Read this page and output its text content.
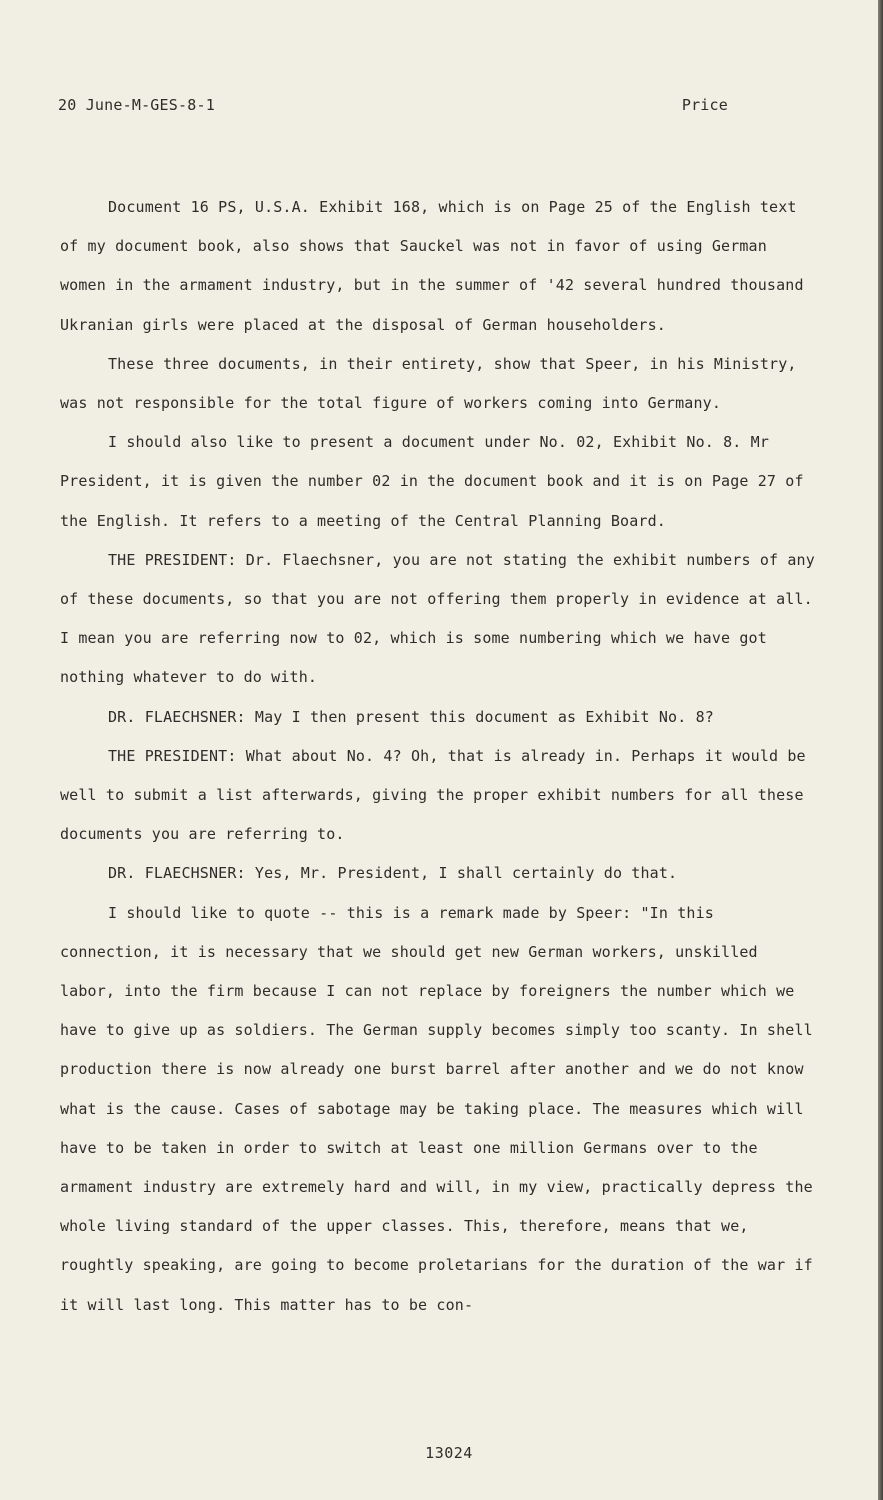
20 June-M-GES-8-1	Price

Document 16 PS, U.S.A. Exhibit 168, which is on Page 25 of the English text of my document book, also shows that Sauckel was not in favor of using German women in the armament industry, but in the summer of '42 several hundred thousand Ukranian girls were placed at the disposal of German householders.

These three documents, in their entirety, show that Speer, in his Ministry, was not responsible for the total figure of workers coming into Germany.

I should also like to present a document under No. 02, Exhibit No. 8. Mr President, it is given the number 02 in the document book and it is on Page 27 of the English. It refers to a meeting of the Central Planning Board.

THE PRESIDENT: Dr. Flaechsner, you are not stating the exhibit numbers of any of these documents, so that you are not offering them properly in evidence at all. I mean you are referring now to 02, which is some numbering which we have got nothing whatever to do with.

DR. FLAECHSNER: May I then present this document as Exhibit No. 8?

THE PRESIDENT: What about No. 4? Oh, that is already in. Perhaps it would be well to submit a list afterwards, giving the proper exhibit numbers for all these documents you are referring to.

DR. FLAECHSNER: Yes, Mr. President, I shall certainly do that.

I should like to quote -- this is a remark made by Speer: "In this connection, it is necessary that we should get new German workers, unskilled labor, into the firm because I can not replace by foreigners the number which we have to give up as soldiers. The German supply becomes simply too scanty. In shell production there is now already one burst barrel after another and we do not know what is the cause. Cases of sabotage may be taking place. The measures which will have to be taken in order to switch at least one million Germans over to the armament industry are extremely hard and will, in my view, practically depress the whole living standard of the upper classes. This, therefore, means that we, roughtly speaking, are going to become proletarians for the duration of the war if it will last long. This matter has to be con-

13024
